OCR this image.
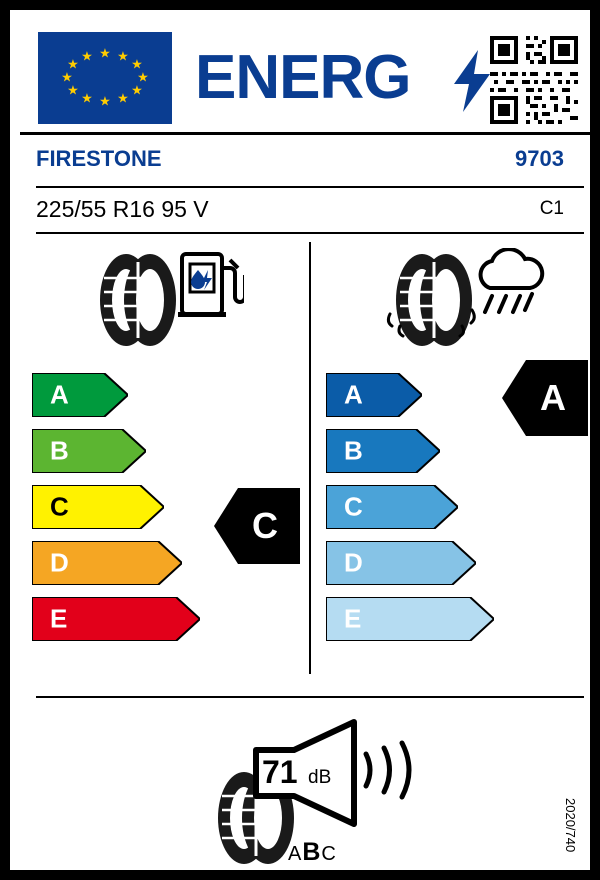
★ ★
★
★
★
★
★
★
★
★
★
★ ENERG
FIRESTONE	9703
225/55 R16 95 V	C1
A
B
C
D
E
C
A
B
C
D
E
A
71 dB
ABC
2020/740
